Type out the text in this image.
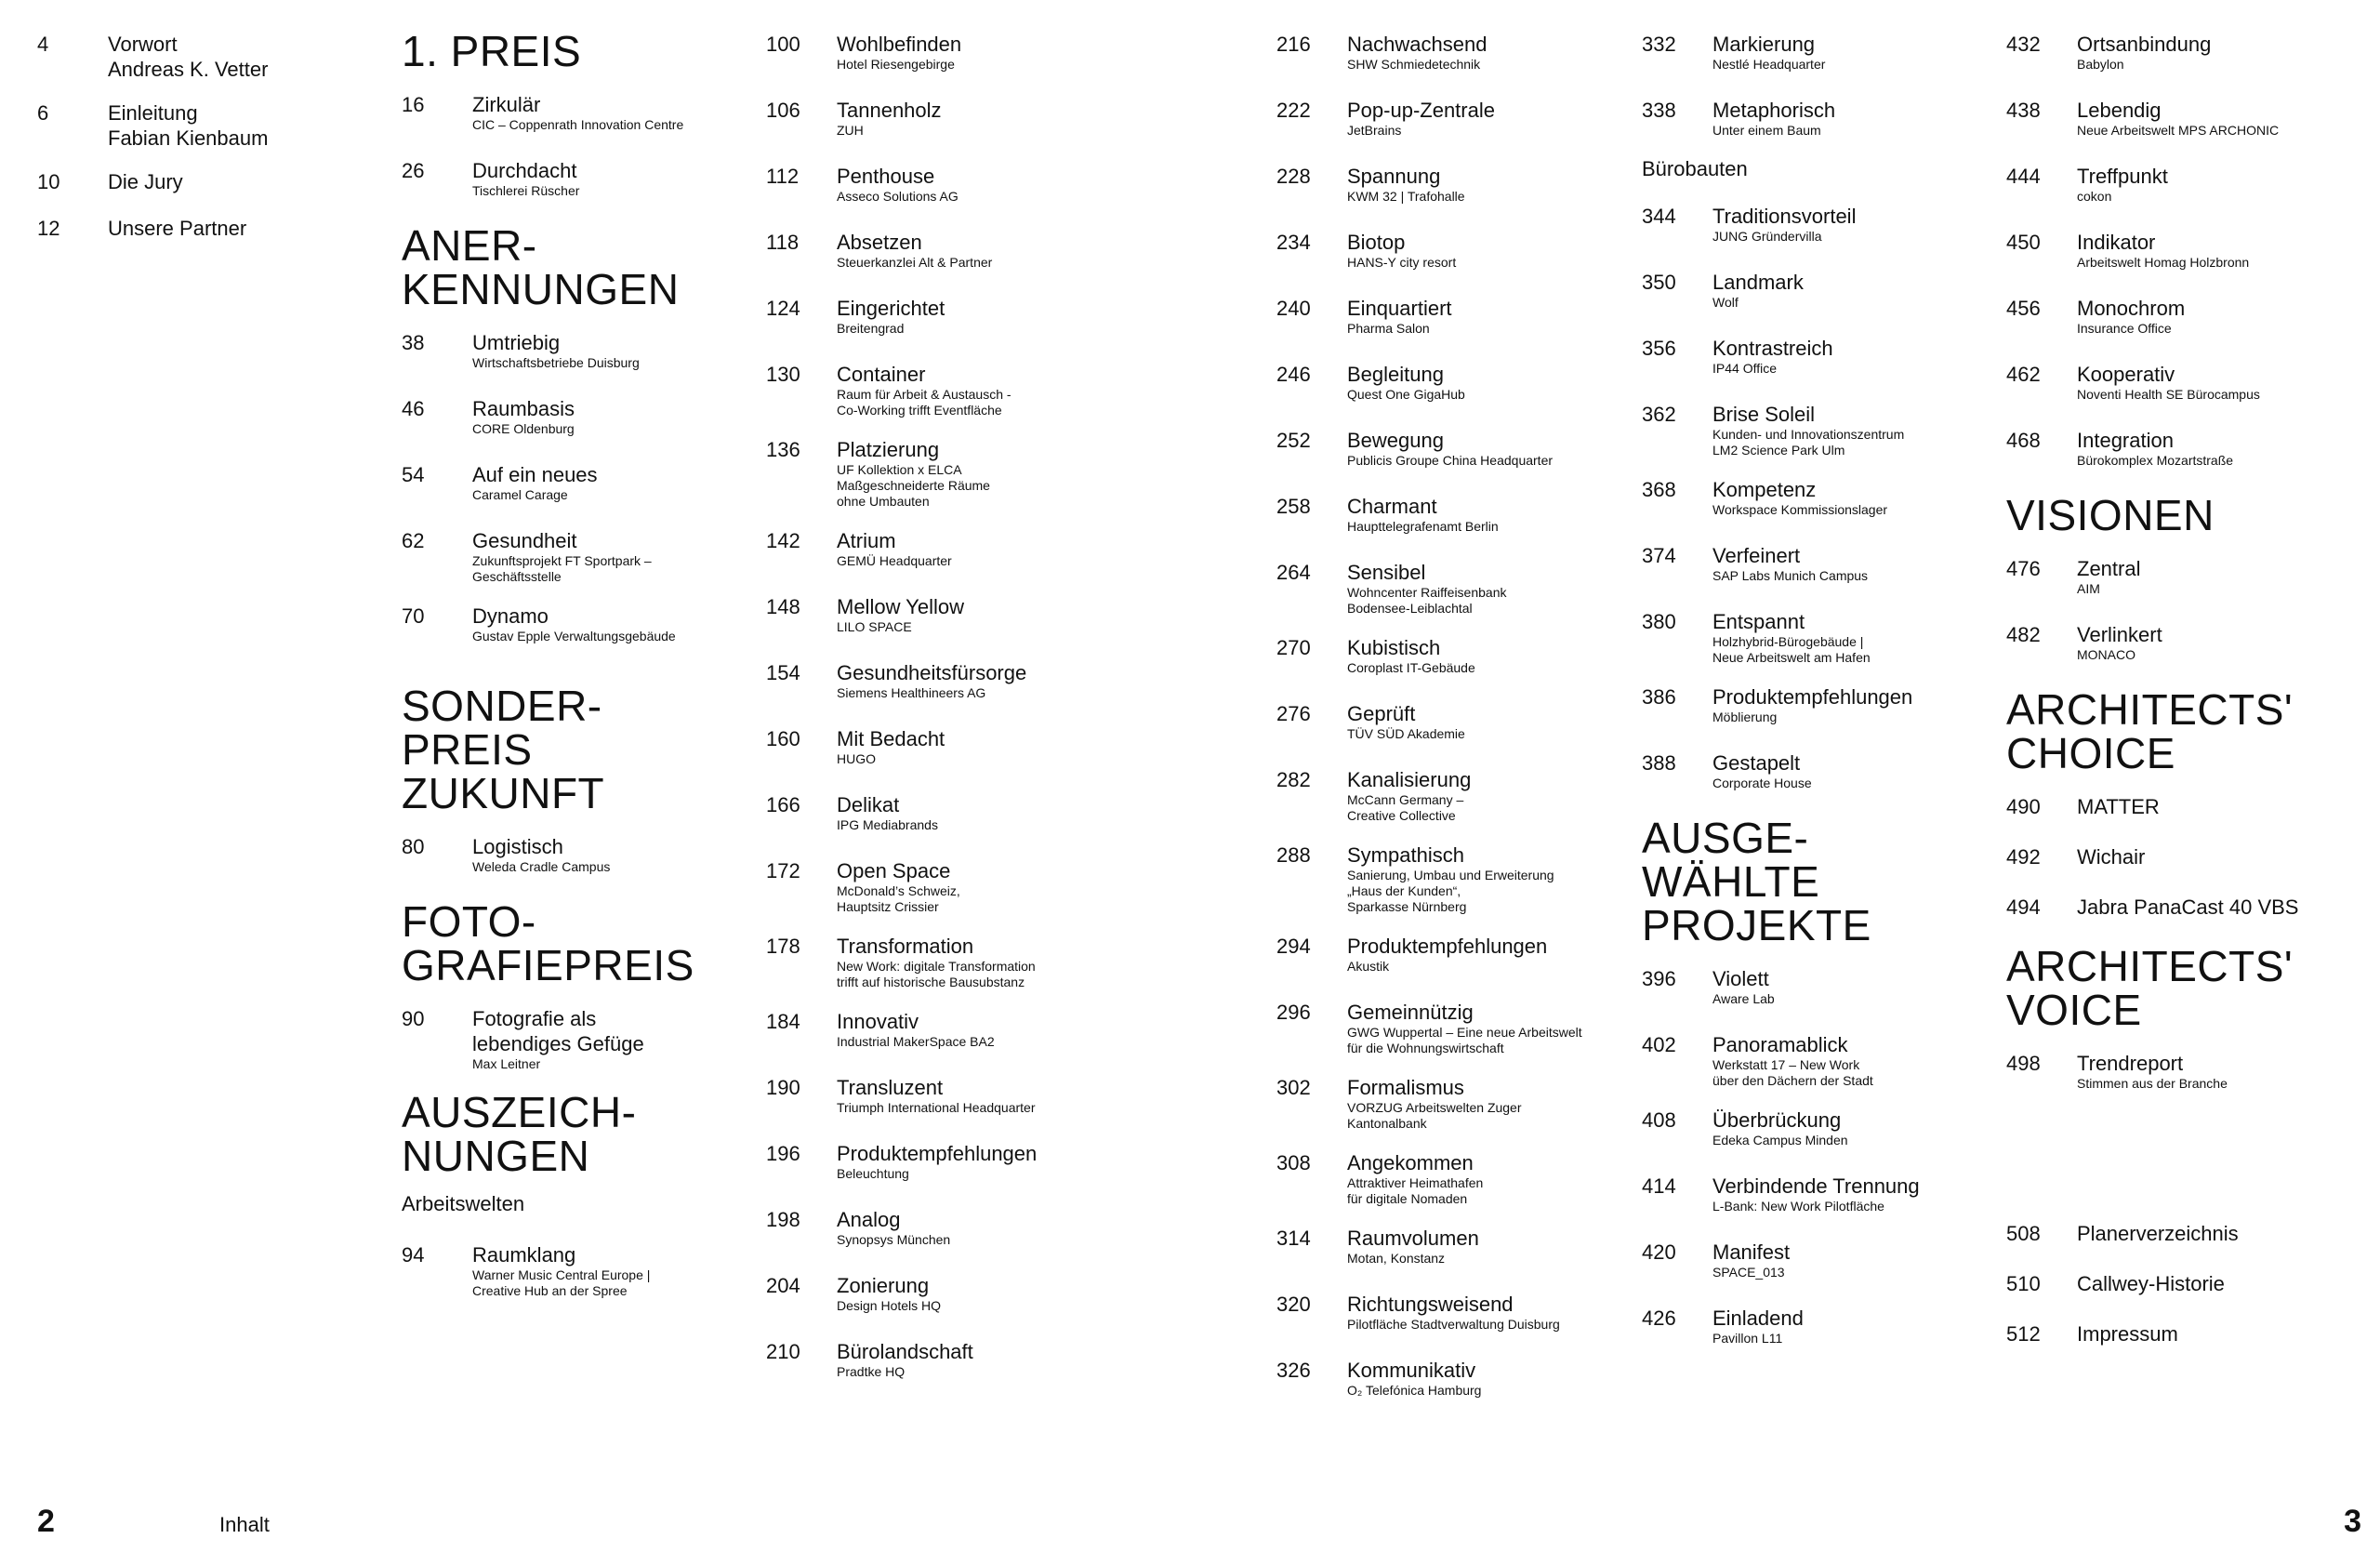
4	Vorwort
Andreas K. Vetter
6	Einleitung
Fabian Kienbaum
10 Die Jury
12 Unsere Partner
1. PREIS
16 Zirkulär
CIC – Coppenrath Innovation Centre
26 Durchdacht
Tischlerei Rüscher
ANER-
KENNUNGEN
38 Umtriebig
Wirtschaftsbetriebe Duisburg
46 Raumbasis
CORE Oldenburg
54 Auf ein neues
Caramel Carage
62 Gesundheit
Zukunftsprojekt FT Sportpark –
Geschäftsstelle
70 Dynamo
Gustav Epple Verwaltungsgebäude
SONDER-
PREIS
ZUKUNFT
80 Logistisch
Weleda Cradle Campus
FOTO-
GRAFIEPREIS
90 Fotografie als
lebendiges Gefüge
Max Leitner
AUSZEICH-
NUNGEN
Arbeitswelten
94 Raumklang
Warner Music Central Europe |
Creative Hub an der Spree
100 Wohlbefinden
Hotel Riesengebirge
106 Tannenholz
ZUH
112 Penthouse
Asseco Solutions AG
118 Absetzen
Steuerkanzlei Alt & Partner
124 Eingerichtet
Breitengrad
130 Container
Raum für Arbeit & Austausch -
Co-Working trifft Eventfläche
136 Platzierung
UF Kollektion x ELCA
Maßgeschneiderte Räume
ohne Umbauten
142 Atrium
GEMÜ Headquarter
148 Mellow Yellow
LILO SPACE
154 Gesundheitsfürsorge
Siemens Healthineers AG
160 Mit Bedacht
HUGO
166 Delikat
IPG Mediabrands
172 Open Space
McDonald’s Schweiz,
Hauptsitz Crissier
178 Transformation
New Work: digitale Transformation
trifft auf historische Bausubstanz
184 Innovativ
Industrial MakerSpace BA2
190 Transluzent
Triumph International Headquarter
196 Produktempfehlungen
Beleuchtung
198 Analog
Synopsys München
204 Zonierung
Design Hotels HQ
210 Bürolandschaft
Pradtke HQ
216 Nachwachsend
SHW Schmiedetechnik
222 Pop-up-Zentrale
JetBrains
228 Spannung
KWM 32 | Trafohalle
234 Biotop
HANS-Y city resort
240 Einquartiert
Pharma Salon
246 Begleitung
Quest One GigaHub
252 Bewegung
Publicis Groupe China Headquarter
258 Charmant
Haupttelegrafenamt Berlin
264 Sensibel
Wohncenter Raiffeisenbank
Bodensee-Leiblachtal
270 Kubistisch
Coroplast IT-Gebäude
276 Geprüft
TÜV SÜD Akademie
282 Kanalisierung
McCann Germany –
Creative Collective
288 Sympathisch
Sanierung, Umbau und Erweiterung
„Haus der Kunden“,
Sparkasse Nürnberg
294 Produktempfehlungen
Akustik
296 Gemeinnützig
GWG Wuppertal – Eine neue Arbeitswelt
für die Wohnungswirtschaft
302 Formalismus
VORZUG Arbeitswelten Zuger
Kantonalbank
308 Angekommen
Attraktiver Heimathafen
für digitale Nomaden
314 Raumvolumen
Motan, Konstanz
320 Richtungsweisend
Pilotfläche Stadtverwaltung Duisburg
326 Kommunikativ
O₂ Telefónica Hamburg
332 Markierung
Nestlé Headquarter
338 Metaphorisch
Unter einem Baum
Bürobauten
344 Traditionsvorteil
JUNG Gründervilla
350 Landmark
Wolf
356 Kontrastreich
IP44 Office
362 Brise Soleil
Kunden- und Innovationszentrum
LM2 Science Park Ulm
368 Kompetenz
Workspace Kommissionslager
374 Verfeinert
SAP Labs Munich Campus
380 Entspannt
Holzhybrid-Bürogebäude |
Neue Arbeitswelt am Hafen
386 Produktempfehlungen
Möblierung
388 Gestapelt
Corporate House
AUSGE-
WÄHLTE
PROJEKTE
396 Violett
Aware Lab
402 Panoramablick
Werkstatt 17 – New Work
über den Dächern der Stadt
408 Überbrückung
Edeka Campus Minden
414 Verbindende Trennung
L-Bank: New Work Pilotfläche
420 Manifest
SPACE_013
426 Einladend
Pavillon L11
432 Ortsanbindung
Babylon
438 Lebendig
Neue Arbeitswelt MPS ARCHONIC
444 Treffpunkt
cokon
450 Indikator
Arbeitswelt Homag Holzbronn
456 Monochrom
Insurance Office
462 Kooperativ
Noventi Health SE Bürocampus
468 Integration
Bürokomplex Mozartstraße
VISIONEN
476 Zentral
AIM
482 Verlinkert
MONACO
ARCHITECTS'
CHOICE
490 MATTER
492 Wichair
494 Jabra PanaCast 40 VBS
ARCHITECTS'
VOICE
498 Trendreport
Stimmen aus der Branche
508 Planerverzeichnis
510 Callwey-Historie
512 Impressum
2	Inhalt	3
